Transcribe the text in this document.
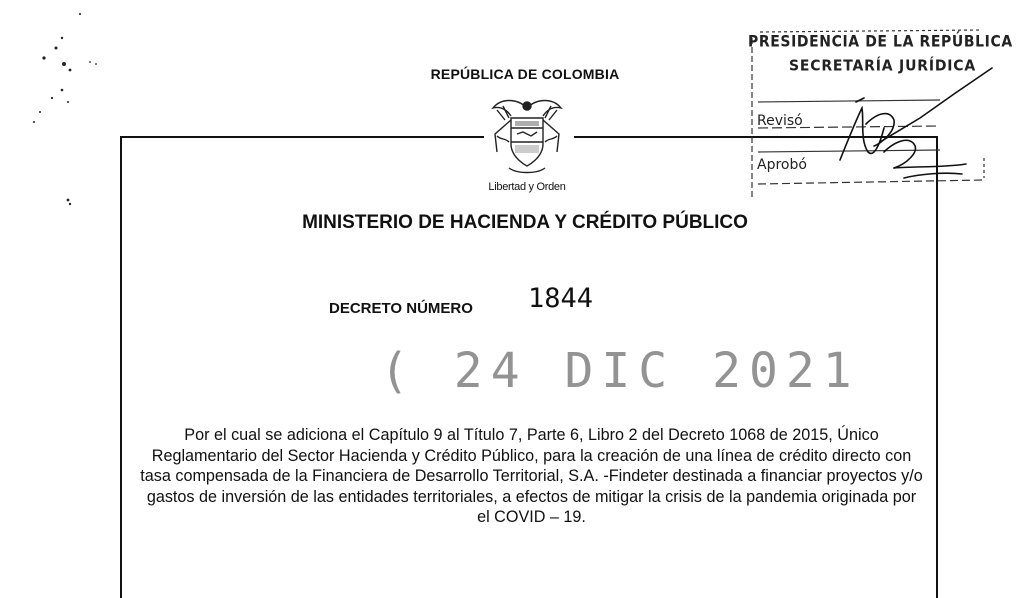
REPÚBLICA DE COLOMBIA
Libertad y Orden
MINISTERIO DE HACIENDA Y CRÉDITO PÚBLICO
DECRETO NÚMERO 1844
( 24 DIC 2021
PRESIDENCIA DE LA REPÚBLICA
SECRETARÍA JURÍDICA
Revisó
Aprobó
Por el cual se adiciona el Capítulo 9 al Título 7, Parte 6, Libro 2 del Decreto 1068 de 2015, Único Reglamentario del Sector Hacienda y Crédito Público, para la creación de una línea de crédito directo con tasa compensada de la Financiera de Desarrollo Territorial, S.A. -Findeter destinada a financiar proyectos y/o gastos de inversión de las entidades territoriales, a efectos de mitigar la crisis de la pandemia originada por el COVID – 19.
